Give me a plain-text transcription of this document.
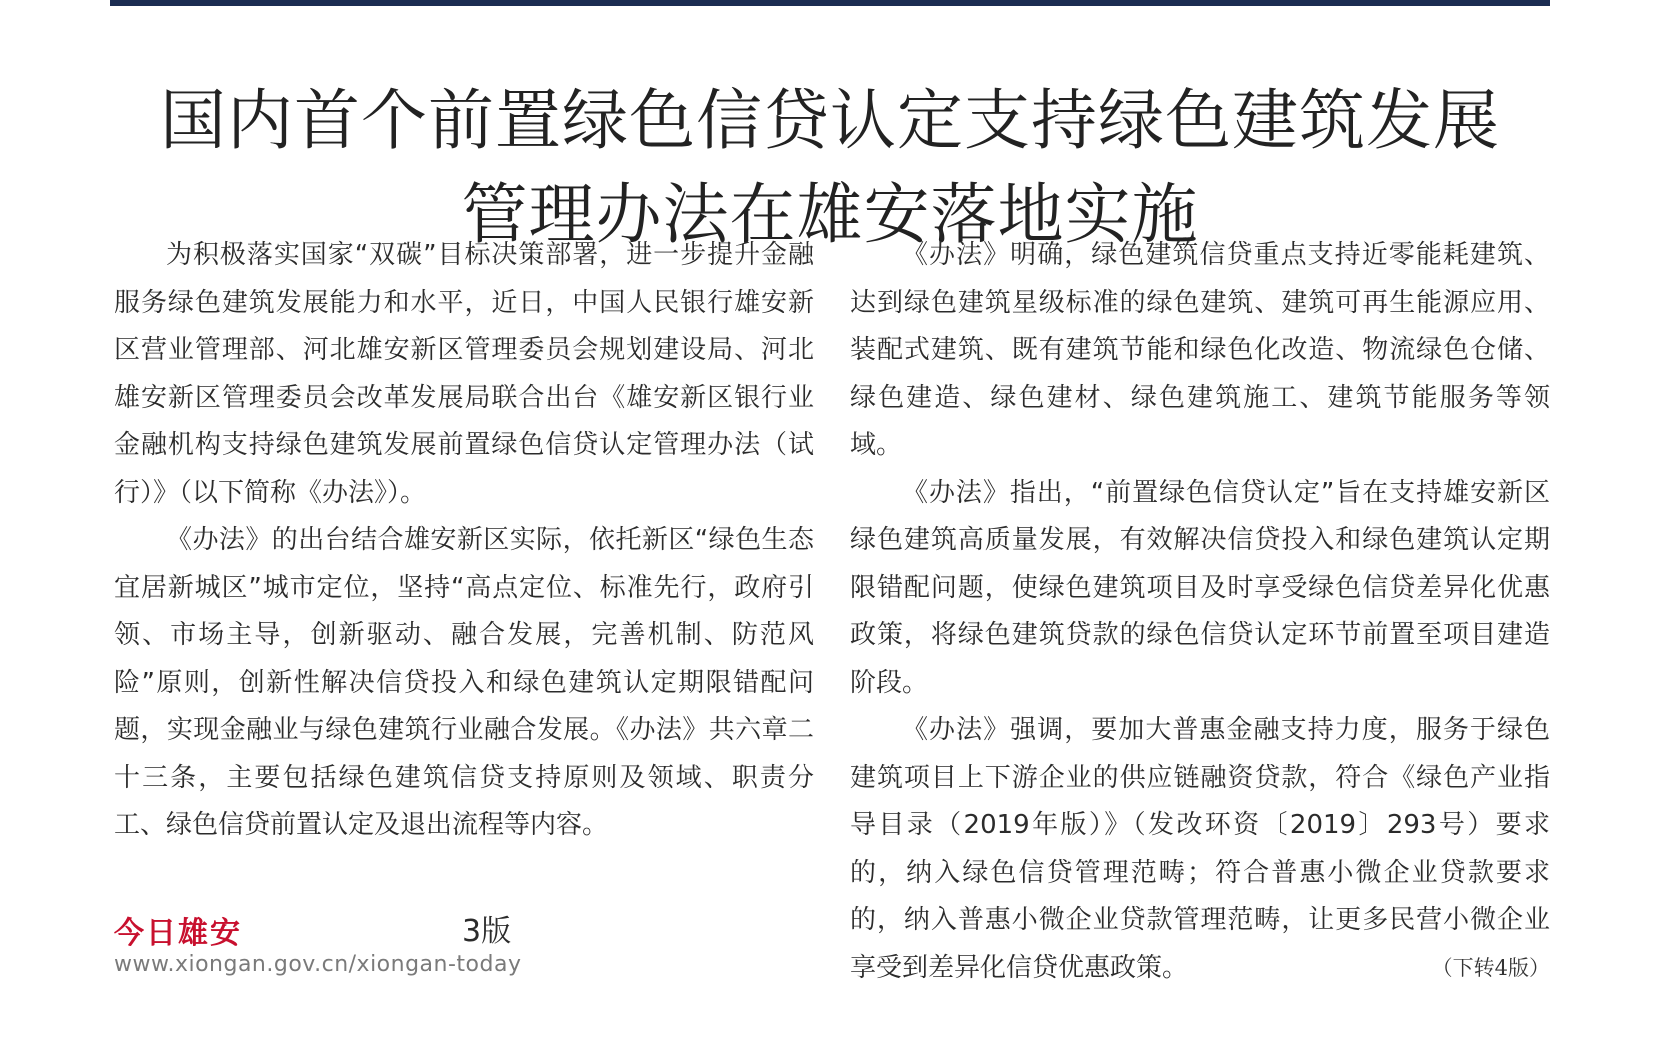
国内首个前置绿色信贷认定支持绿色建筑发展
管理办法在雄安落地实施

为积极落实国家“双碳”目标决策部署，进一步提升金融服务绿色建筑发展能力和水平，近日，中国人民银行雄安新区营业管理部、河北雄安新区管理委员会规划建设局、河北雄安新区管理委员会改革发展局联合出台《雄安新区银行业金融机构支持绿色建筑发展前置绿色信贷认定管理办法（试行）》（以下简称《办法》）。

《办法》的出台结合雄安新区实际，依托新区“绿色生态宜居新城区”城市定位，坚持“高点定位、标准先行，政府引领、市场主导，创新驱动、融合发展，完善机制、防范风险”原则，创新性解决信贷投入和绿色建筑认定期限错配问题，实现金融业与绿色建筑行业融合发展。《办法》共六章二十三条，主要包括绿色建筑信贷支持原则及领域、职责分工、绿色信贷前置认定及退出流程等内容。

《办法》明确，绿色建筑信贷重点支持近零能耗建筑、达到绿色建筑星级标准的绿色建筑、建筑可再生能源应用、装配式建筑、既有建筑节能和绿色化改造、物流绿色仓储、绿色建造、绿色建材、绿色建筑施工、建筑节能服务等领域。

《办法》指出，“前置绿色信贷认定”旨在支持雄安新区绿色建筑高质量发展，有效解决信贷投入和绿色建筑认定期限错配问题，使绿色建筑项目及时享受绿色信贷差异化优惠政策，将绿色建筑贷款的绿色信贷认定环节前置至项目建造阶段。

《办法》强调，要加大普惠金融支持力度，服务于绿色建筑项目上下游企业的供应链融资贷款，符合《绿色产业指导目录（2019年版）》（发改环资〔2019〕293号）要求的，纳入绿色信贷管理范畴；符合普惠小微企业贷款要求的，纳入普惠小微企业贷款管理范畴，让更多民营小微企业享受到差异化信贷优惠政策。	（下转4版）

今日雄安	3版
www.xiongan.gov.cn/xiongan-today
